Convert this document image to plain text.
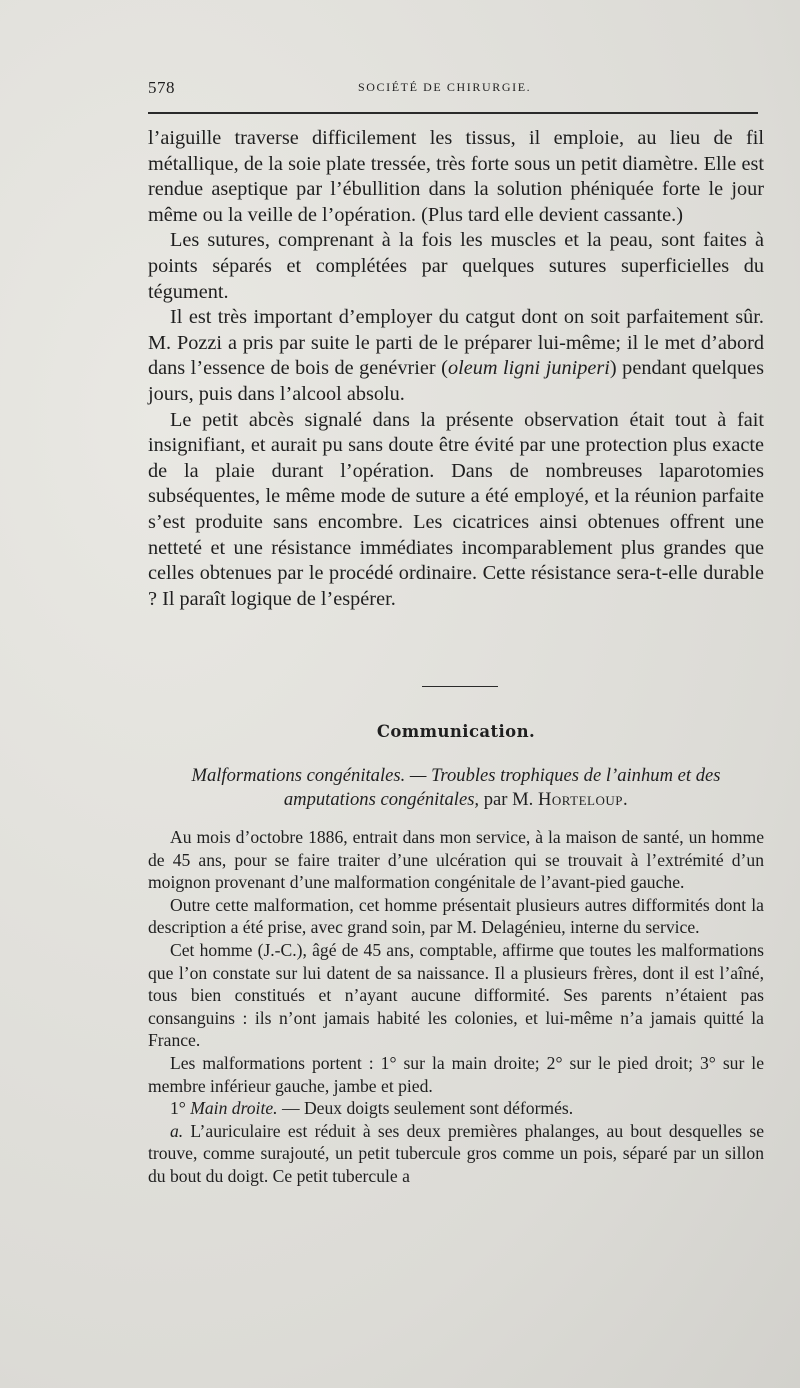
578	SOCIÉTÉ DE CHIRURGIE.

l’aiguille traverse difficilement les tissus, il emploie, au lieu de fil métallique, de la soie plate tressée, très forte sous un petit diamètre. Elle est rendue aseptique par l’ébullition dans la solution phéniquée forte le jour même ou la veille de l’opération. (Plus tard elle devient cassante.)

Les sutures, comprenant à la fois les muscles et la peau, sont faites à points séparés et complétées par quelques sutures superficielles du tégument.

Il est très important d’employer du catgut dont on soit parfaitement sûr. M. Pozzi a pris par suite le parti de le préparer lui-même; il le met d’abord dans l’essence de bois de genévrier (oleum ligni juniperi) pendant quelques jours, puis dans l’alcool absolu.

Le petit abcès signalé dans la présente observation était tout à fait insignifiant, et aurait pu sans doute être évité par une protection plus exacte de la plaie durant l’opération. Dans de nombreuses laparotomies subséquentes, le même mode de suture a été employé, et la réunion parfaite s’est produite sans encombre. Les cicatrices ainsi obtenues offrent une netteté et une résistance immédiates incomparablement plus grandes que celles obtenues par le procédé ordinaire. Cette résistance sera-t-elle durable ? Il paraît logique de l’espérer.

Communication.
Malformations congénitales. — Troubles trophiques de l’ainhum et des amputations congénitales, par M. Horteloup.

Au mois d’octobre 1886, entrait dans mon service, à la maison de santé, un homme de 45 ans, pour se faire traiter d’une ulcération qui se trouvait à l’extrémité d’un moignon provenant d’une malformation congénitale de l’avant-pied gauche.

Outre cette malformation, cet homme présentait plusieurs autres difformités dont la description a été prise, avec grand soin, par M. Delagénieu, interne du service.

Cet homme (J.-C.), âgé de 45 ans, comptable, affirme que toutes les malformations que l’on constate sur lui datent de sa naissance. Il a plusieurs frères, dont il est l’aîné, tous bien constitués et n’ayant aucune difformité. Ses parents n’étaient pas consanguins : ils n’ont jamais habité les colonies, et lui-même n’a jamais quitté la France.

Les malformations portent : 1° sur la main droite; 2° sur le pied droit; 3° sur le membre inférieur gauche, jambe et pied.

1° Main droite. — Deux doigts seulement sont déformés.

a. L’auriculaire est réduit à ses deux premières phalanges, au bout desquelles se trouve, comme surajouté, un petit tubercule gros comme un pois, séparé par un sillon du bout du doigt. Ce petit tubercule a
